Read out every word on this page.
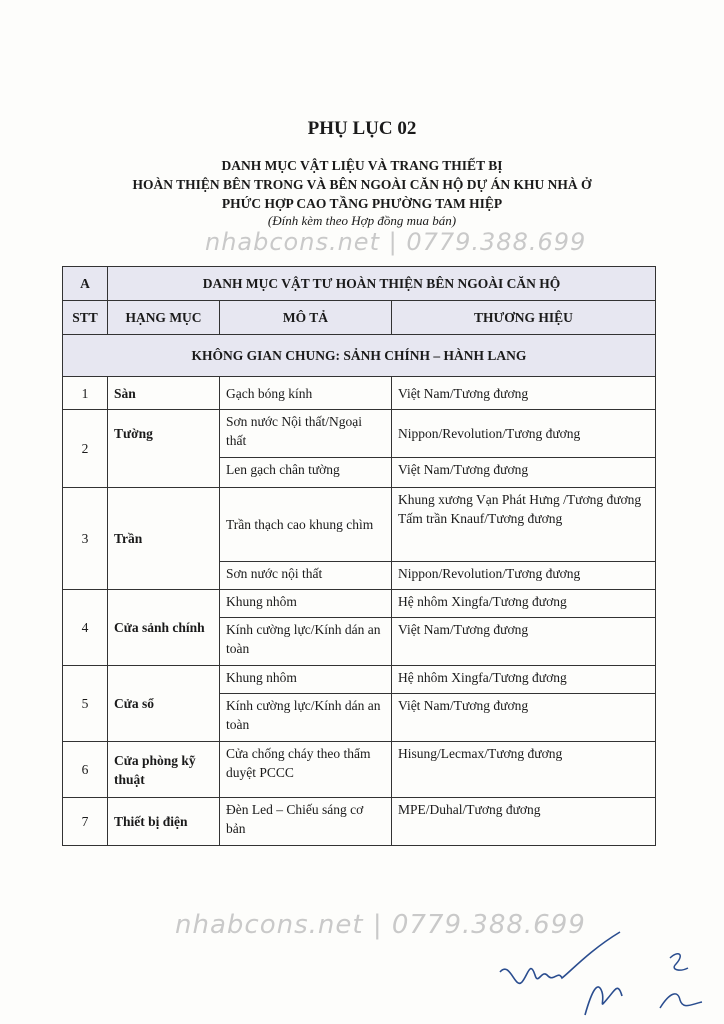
PHỤ LỤC 02
DANH MỤC VẬT LIỆU VÀ TRANG THIẾT BỊ
HOÀN THIỆN BÊN TRONG VÀ BÊN NGOÀI CĂN HỘ DỰ ÁN KHU NHÀ Ở
PHỨC HỢP CAO TẦNG PHƯỜNG TAM HIỆP
(Đính kèm theo Hợp đồng mua bán)
nhabcons.net | 0779.388.699
A	DANH MỤC VẬT TƯ HOÀN THIỆN BÊN NGOÀI CĂN HỘ		
STT	HẠNG MỤC	MÔ TẢ	THƯƠNG HIỆU
KHÔNG GIAN CHUNG: SẢNH CHÍNH – HÀNH LANG			
1	Sàn	Gạch bóng kính	Việt Nam/Tương đương
2	Tường	Sơn nước Nội thất/Ngoại thất	Nippon/Revolution/Tương đương
		Len gạch chân tường	Việt Nam/Tương đương
3	Trần	Trần thạch cao khung chìm	Khung xương Vạn Phát Hưng /Tương đương
Tấm trần Knauf/Tương đương

		Sơn nước nội thất	Nippon/Revolution/Tương đương
4	Cửa sảnh chính	Khung nhôm	Hệ nhôm Xingfa/Tương đương
		Kính cường lực/Kính dán an toàn	Việt Nam/Tương đương
5	Cửa sổ	Khung nhôm	Hệ nhôm Xingfa/Tương đương
		Kính cường lực/Kính dán an toàn	Việt Nam/Tương đương
6	Cửa phòng kỹ thuật	Cửa chống cháy theo thẩm duyệt PCCC	Hisung/Lecmax/Tương đương
7	Thiết bị điện	Đèn Led – Chiếu sáng cơ bản	MPE/Duhal/Tương đương
nhabcons.net | 0779.388.699
